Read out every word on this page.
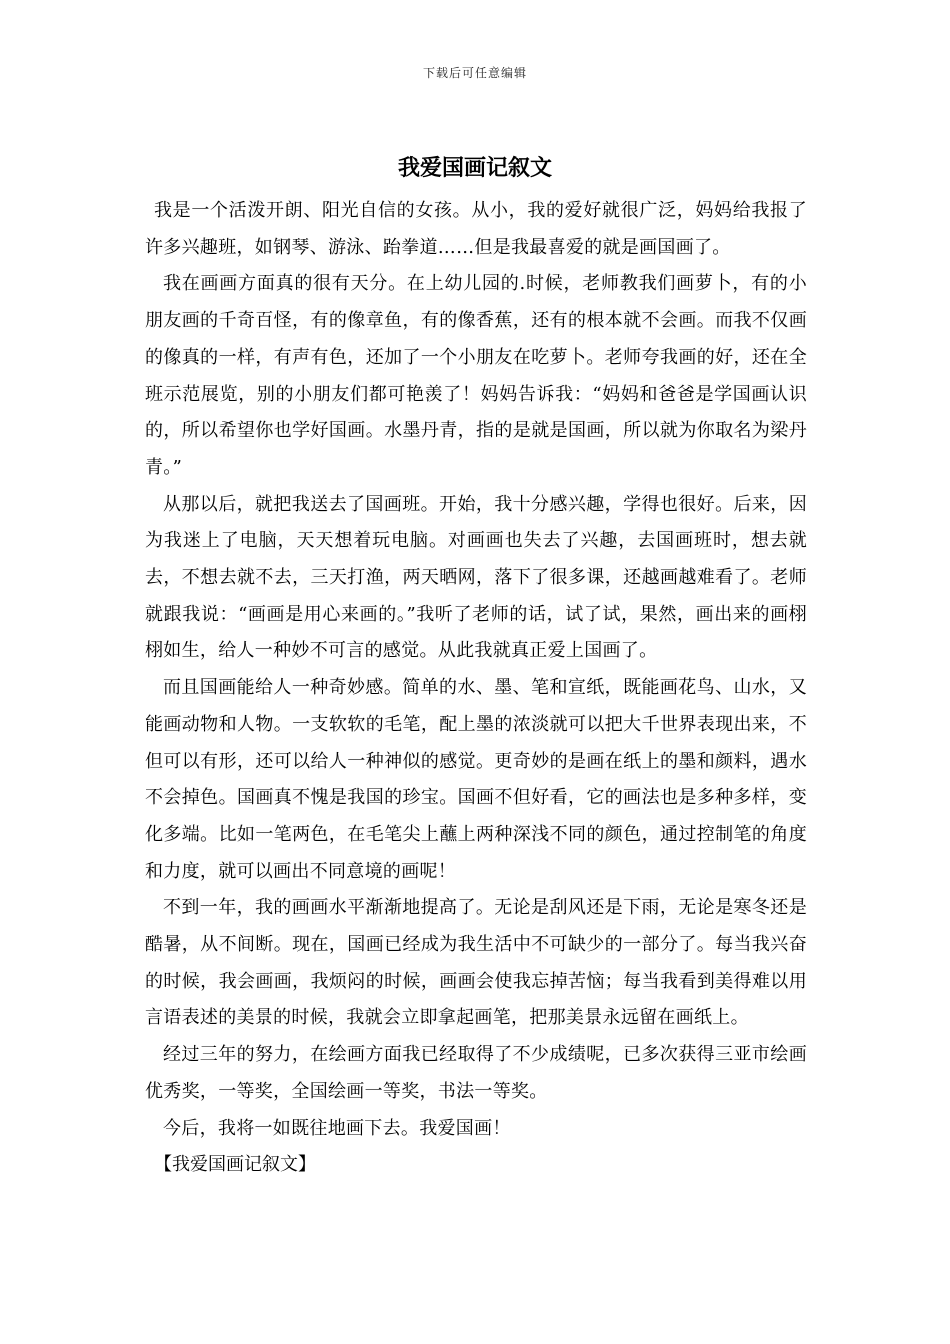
下载后可任意编辑
我爱国画记叙文

我是一个活泼开朗、阳光自信的女孩。从小，我的爱好就很广泛，妈妈给我报了许多兴趣班，如钢琴、游泳、跆拳道……但是我最喜爱的就是画国画了。

我在画画方面真的很有天分。在上幼儿园的.时候，老师教我们画萝卜，有的小朋友画的千奇百怪，有的像章鱼，有的像香蕉，还有的根本就不会画。而我不仅画的像真的一样，有声有色，还加了一个小朋友在吃萝卜。老师夸我画的好，还在全班示范展览，别的小朋友们都可艳羡了！妈妈告诉我：“妈妈和爸爸是学国画认识的，所以希望你也学好国画。水墨丹青，指的是就是国画，所以就为你取名为梁丹青。”

从那以后，就把我送去了国画班。开始，我十分感兴趣，学得也很好。后来，因为我迷上了电脑，天天想着玩电脑。对画画也失去了兴趣，去国画班时，想去就去，不想去就不去，三天打渔，两天晒网，落下了很多课，还越画越难看了。老师就跟我说：“画画是用心来画的。”我听了老师的话，试了试，果然，画出来的画栩栩如生，给人一种妙不可言的感觉。从此我就真正爱上国画了。

而且国画能给人一种奇妙感。简单的水、墨、笔和宣纸，既能画花鸟、山水，又能画动物和人物。一支软软的毛笔，配上墨的浓淡就可以把大千世界表现出来，不但可以有形，还可以给人一种神似的感觉。更奇妙的是画在纸上的墨和颜料，遇水不会掉色。国画真不愧是我国的珍宝。国画不但好看，它的画法也是多种多样，变化多端。比如一笔两色，在毛笔尖上蘸上两种深浅不同的颜色，通过控制笔的角度和力度，就可以画出不同意境的画呢！

不到一年，我的画画水平渐渐地提高了。无论是刮风还是下雨，无论是寒冬还是酷暑，从不间断。现在，国画已经成为我生活中不可缺少的一部分了。每当我兴奋的时候，我会画画，我烦闷的时候，画画会使我忘掉苦恼；每当我看到美得难以用言语表述的美景的时候，我就会立即拿起画笔，把那美景永远留在画纸上。

经过三年的努力，在绘画方面我已经取得了不少成绩呢，已多次获得三亚市绘画优秀奖，一等奖，全国绘画一等奖，书法一等奖。

今后，我将一如既往地画下去。我爱国画！

【我爱国画记叙文】
